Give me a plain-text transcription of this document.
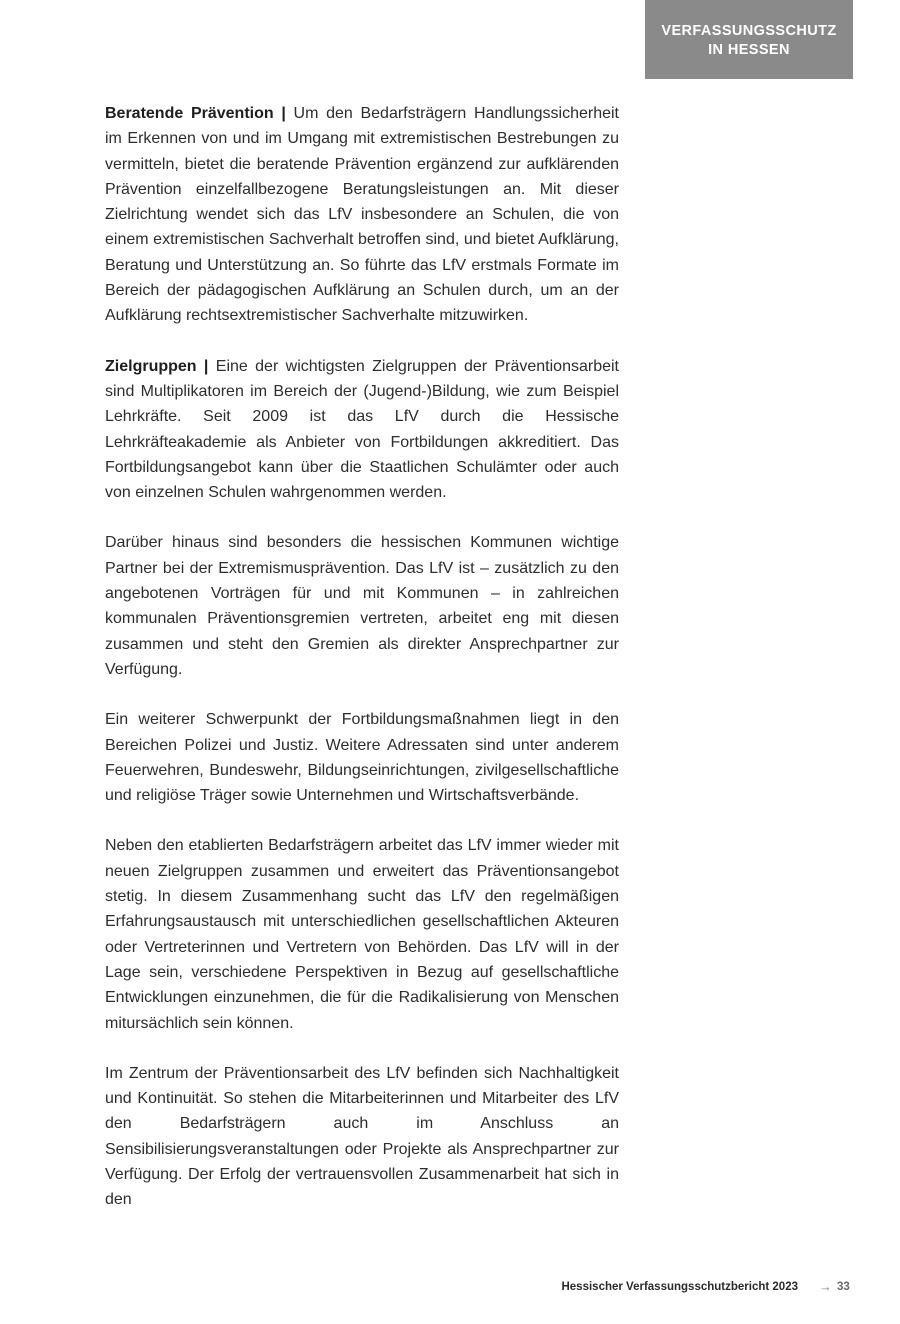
VERFASSUNGSSCHUTZ
IN HESSEN

Beratende Prävention | Um den Bedarfsträgern Handlungssicherheit im Erkennen von und im Umgang mit extremistischen Bestrebungen zu vermitteln, bietet die beratende Prävention ergänzend zur aufklärenden Prävention einzelfallbezogene Beratungsleistungen an. Mit dieser Zielrichtung wendet sich das LfV insbesondere an Schulen, die von einem extremistischen Sachverhalt betroffen sind, und bietet Aufklärung, Beratung und Unterstützung an. So führte das LfV erstmals Formate im Bereich der pädagogischen Aufklärung an Schulen durch, um an der Aufklärung rechtsextremistischer Sachverhalte mitzuwirken.

Zielgruppen | Eine der wichtigsten Zielgruppen der Präventionsarbeit sind Multiplikatoren im Bereich der (Jugend-)Bildung, wie zum Beispiel Lehrkräfte. Seit 2009 ist das LfV durch die Hessische Lehrkräfteakademie als Anbieter von Fortbildungen akkreditiert. Das Fortbildungsangebot kann über die Staatlichen Schulämter oder auch von einzelnen Schulen wahrgenommen werden.

Darüber hinaus sind besonders die hessischen Kommunen wichtige Partner bei der Extremismusprävention. Das LfV ist – zusätzlich zu den angebotenen Vorträgen für und mit Kommunen – in zahlreichen kommunalen Präventionsgremien vertreten, arbeitet eng mit diesen zusammen und steht den Gremien als direkter Ansprechpartner zur Verfügung.

Ein weiterer Schwerpunkt der Fortbildungsmaßnahmen liegt in den Bereichen Polizei und Justiz. Weitere Adressaten sind unter anderem Feuerwehren, Bundeswehr, Bildungseinrichtungen, zivilgesellschaftliche und religiöse Träger sowie Unternehmen und Wirtschaftsverbände.

Neben den etablierten Bedarfsträgern arbeitet das LfV immer wieder mit neuen Zielgruppen zusammen und erweitert das Präventionsangebot stetig. In diesem Zusammenhang sucht das LfV den regelmäßigen Erfahrungsaustausch mit unterschiedlichen gesellschaftlichen Akteuren oder Vertreterinnen und Vertretern von Behörden. Das LfV will in der Lage sein, verschiedene Perspektiven in Bezug auf gesellschaftliche Entwicklungen einzunehmen, die für die Radikalisierung von Menschen mitursächlich sein können.

Im Zentrum der Präventionsarbeit des LfV befinden sich Nachhaltigkeit und Kontinuität. So stehen die Mitarbeiterinnen und Mitarbeiter des LfV den Bedarfsträgern auch im Anschluss an Sensibilisierungsveranstaltungen oder Projekte als Ansprechpartner zur Verfügung. Der Erfolg der vertrauensvollen Zusammenarbeit hat sich in den

Hessischer Verfassungsschutzbericht 2023 → 33
